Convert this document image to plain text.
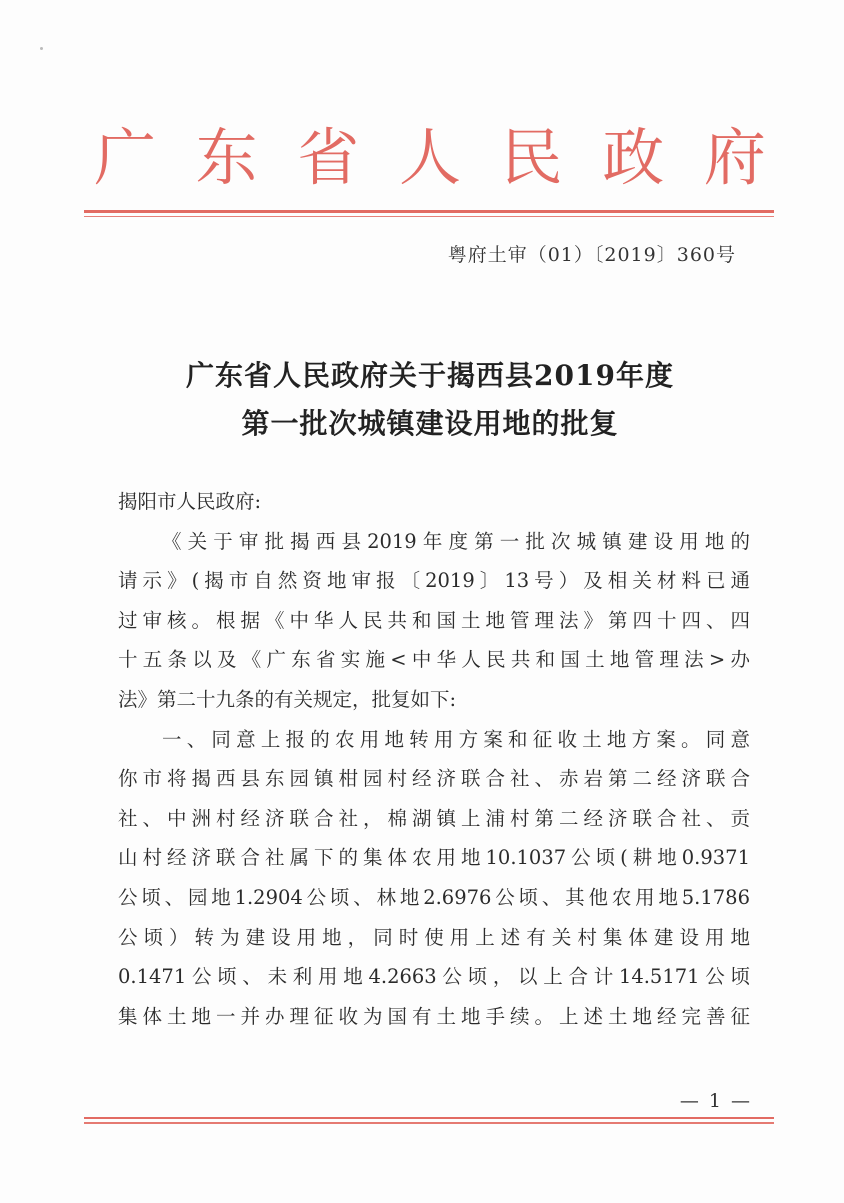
广 东 省 人 民 政 府
粤府土审（01）〔2019〕360号
广东省人民政府关于揭西县2019年度
第一批次城镇建设用地的批复
揭阳市人民政府:
《关于审批揭西县2019年度第一批次城镇建设用地的
请示》(揭市自然资地审报〔2019〕13号）及相关材料已通
过审核。根据《中华人民共和国土地管理法》第四十四、四
十五条以及《广东省实施<中华人民共和国土地管理法>办
法》第二十九条的有关规定，批复如下:
一、同意上报的农用地转用方案和征收土地方案。同意
你市将揭西县东园镇柑园村经济联合社、赤岩第二经济联合
社、中洲村经济联合社，棉湖镇上浦村第二经济联合社、贡
山村经济联合社属下的集体农用地10.1037公顷(耕地0.9371
公顷、园地1.2904公顷、林地2.6976公顷、其他农用地5.1786
公顷）转为建设用地，同时使用上述有关村集体建设用地
0.1471公顷、未利用地4.2663公顷，以上合计14.5171公顷
集体土地一并办理征收为国有土地手续。上述土地经完善征
— 1 —
